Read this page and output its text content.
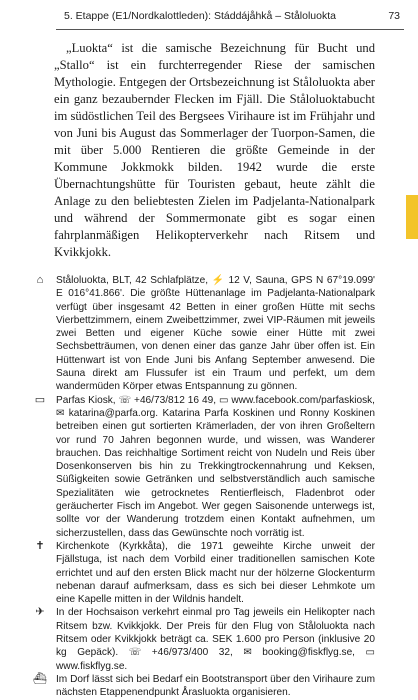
5. Etappe (E1/Nordkalottleden): Stáddájåhkå – Ståloluokta	73

„Luokta“ ist die samische Bezeichnung für Bucht und „Stallo“ ist ein furchterregender Riese der samischen Mythologie. Entgegen der Ortsbezeichnung ist Ståloluokta aber ein ganz bezaubernder Flecken im Fjäll. Die Ståloluoktabucht im südöstlichen Teil des Bergsees Virihaure ist im Frühjahr und von Juni bis August das Sommerlager der Tuorpon-Samen, die mit über 5.000 Rentieren die größte Gemeinde in der Kommune Jokkmokk bilden. 1942 wurde die erste Übernachtungshütte für Touristen gebaut, heute zählt die Anlage zu den beliebtesten Zielen im Padjelanta-Nationalpark und während der Sommermonate gibt es sogar einen fahrplanmäßigen Helikopterverkehr nach Ritsem und Kvikkjokk.

⌂	Ståloluokta, BLT, 42 Schlafplätze, ⚡ 12 V, Sauna, GPS N 67°19.099' E 016°41.866'. Die größte Hüttenanlage im Padjelanta-Nationalpark verfügt über insgesamt 42 Betten in einer großen Hütte mit sechs Vierbettzimmern, einem Zweibettzimmer, zwei VIP-Räumen mit jeweils zwei Betten und eigener Küche sowie einer Hütte mit zwei Sechsbetträumen, von denen einer das ganze Jahr über offen ist. Ein Hüttenwart ist von Ende Juni bis Anfang September anwesend. Die Sauna direkt am Flussufer ist ein Traum und perfekt, um dem wandermüden Körper etwas Entspannung zu gönnen.

▭ Parfas Kiosk, ☏ +46/73/812 16 49, ▭ www.facebook.com/parfaskiosk, ✉ katarina@parfa.org. Katarina Parfa Koskinen und Ronny Koskinen betreiben einen gut sortierten Krämerladen, der von ihren Großeltern vor rund 70 Jahren begonnen wurde, und wissen, was Wanderer brauchen. Das reichhaltige Sortiment reicht von Nudeln und Reis über Dosenkonserven bis hin zu Trekkingtrockennahrung und Keksen, Süßigkeiten sowie Getränken und selbstverständlich auch samische Spezialitäten wie getrocknetes Rentierfleisch, Fladenbrot oder geräucherter Fisch im Angebot. Wer gegen Saisonende unterwegs ist, sollte vor der Wanderung trotzdem einen Kontakt aufnehmen, um sicherzustellen, dass das Gewünschte noch vorrätig ist.

✝ Kirchenkote (Kyrkkåta), die 1971 geweihte Kirche unweit der Fjällstuga, ist nach dem Vorbild einer traditionellen samischen Kote errichtet und auf den ersten Blick macht nur der hölzerne Glockenturm nebenan darauf aufmerksam, dass es sich bei dieser Lehmkote um eine Kapelle mitten in der Wildnis handelt.

✈ In der Hochsaison verkehrt einmal pro Tag jeweils ein Helikopter nach Ritsem bzw. Kvikkjokk. Der Preis für den Flug von Ståloluokta nach Ritsem oder Kvikkjokk beträgt ca. SEK 1.600 pro Person (inklusive 20 kg Gepäck). ☏ +46/973/400 32, ✉ booking@fiskflyg.se, ▭ www.fiskflyg.se.

⛴ Im Dorf lässt sich bei Bedarf ein Bootstransport über den Virihaure zum nächsten Etappenendpunkt Årasluokta organisieren.
